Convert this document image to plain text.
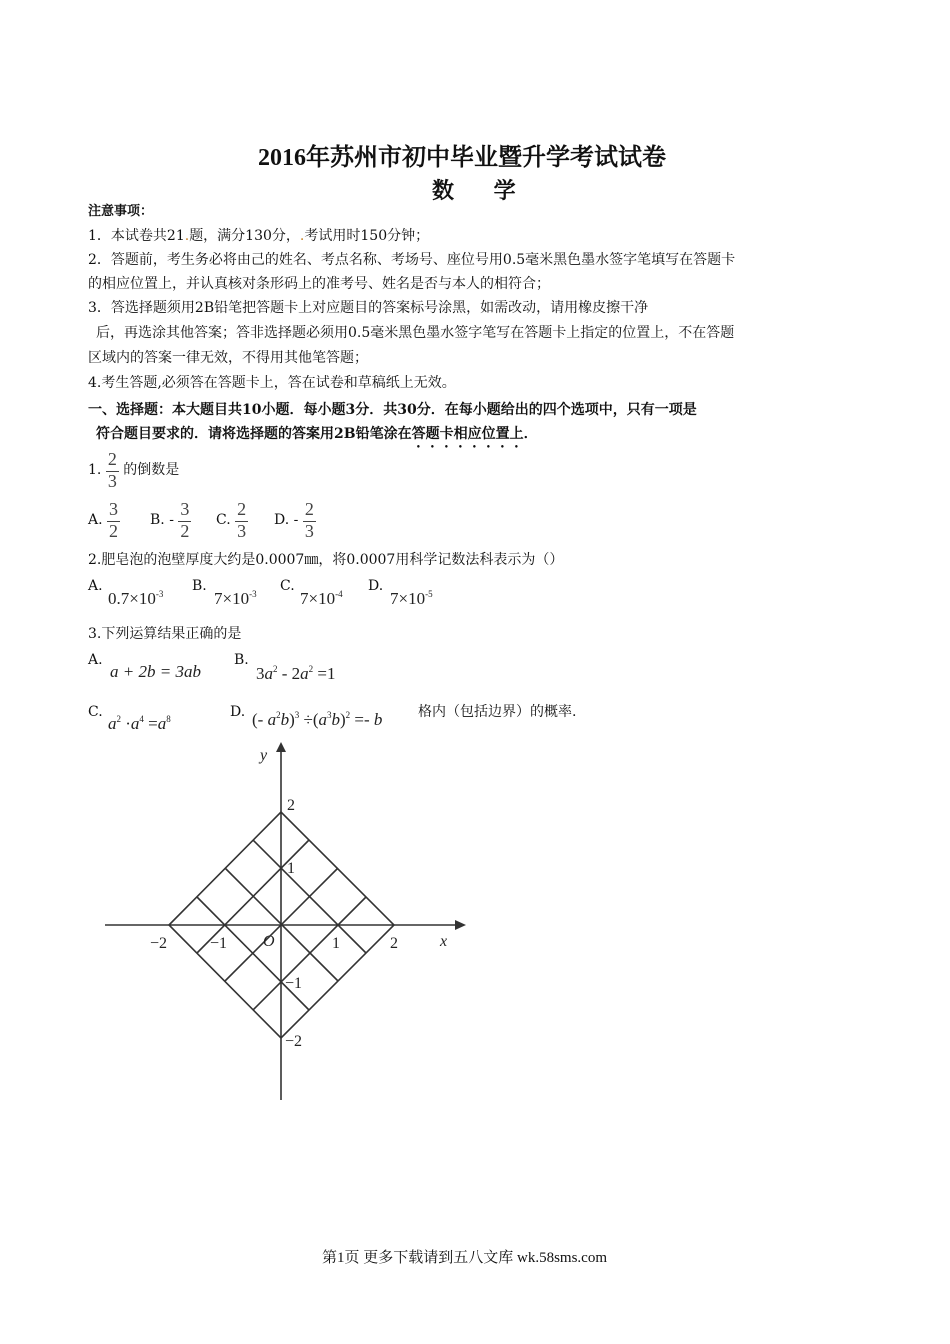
2016年苏州市初中毕业暨升学考试试卷
数 学
注意事项：
1．本试卷共21.题，满分130分，.考试用时150分钟；
2．答题前，考生务必将由己的姓名、考点名称、考场号、座位号用0.5毫米黑色墨水签字笔填写在答题卡
的相应位置上，并认真核对条形码上的准考号、姓名是否与本人的相符合；
3．答选择题须用2B铅笔把答题卡上对应题目的答案标号涂黑，如需改动，请用橡皮擦干净
后，再选涂其他答案；答非选择题必须用0.5毫米黑色墨水签字笔写在答题卡上指定的位置上，不在答题
区域内的答案一律无效，不得用其他笔答题；
4.考生答题,必须答在答题卡上，答在试卷和草稿纸上无效。
一、选择题：本大题目共10小题．每小题3分．共30分．在每小题给出的四个选项中，只有一项是
符合题目要求的．请将选择题的答案用2B铅笔涂在答题卡相应位置上．
1. $\frac{2}{3}$ 的倒数是
A. $\frac{3}{2} B$. - $\frac{3}{2} C$. $\frac{2}{3} D$. - $\frac{2}{3}$
2.肥皂泡的泡壁厚度大约是0.0007㎜，将0.0007用科学记数法科表示为（）
A.
$0.7\times 10^{-3}$ B.
$7\times 10^{-3}$ C.
$7\times 10^{-4}$ D.
$7\times 10^{-5}$
3.下列运算结果正确的是
A.
a + 2b = 3ab
B.
$3a^2 - 2a^2 =1$
C.
$a^2 \cdot a^4 =a^8$	D. (- $a^2b)^3 \div(a^3b)^2 =- b$	格内（包括边界）的概率.
x
y
O
−2	−1	1	2
2
1
−1
−2
第1页 更多下载请到五八文库 wk.58sms.com
